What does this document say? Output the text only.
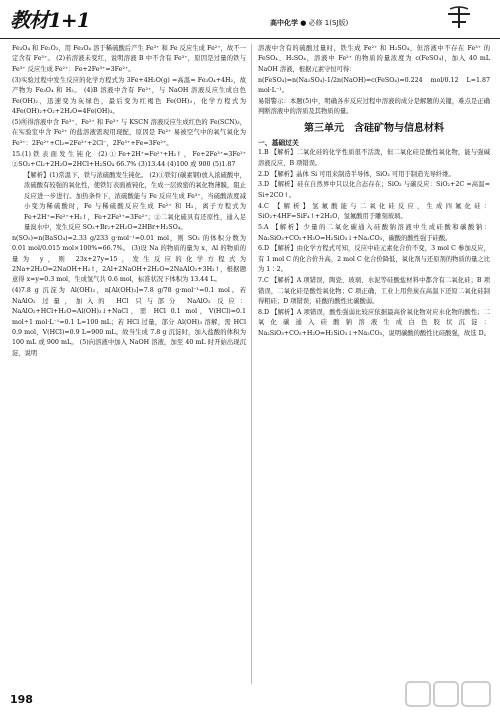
教材1+1	高中化学 ● 必修 1(SJ版)
Fe₃O₄ 和 Fe₂O₃，用 Fe₃O₄ 溶于稀硫酸后产生 Fe³⁺ 和 Fe 反应生成 Fe²⁺，故不一定含有 Fe³⁺。 (2)若溶液未变红，说明溶液 B 中不含有 Fe³⁺，原因是过量的铁与 Fe³⁺ 反应生成 Fe²⁺：Fe+2Fe³⁺=3Fe²⁺。
(3)实验过程中发生反应的化学方程式为 3Fe+4H₂O(g) =高温= Fe₃O₄+4H₂，故产物为 Fe₃O₄ 和 H₂。 (4)B 溶液中含有 Fe²⁺，与 NaOH 溶液反应生成白色 Fe(OH)₂，迅速变为灰绿色，最后变为红褐色 Fe(OH)₃，化学方程式为 4Fe(OH)₂+O₂+2H₂O=4Fe(OH)₃。
(5)所得溶液中含 Fe³⁺、Fe²⁺ 和 Fe³⁺ 与 KSCN 溶液反应生成红色的 Fe(SCN)₃，在实验室中含 Fe²⁺ 的盐溶液需现用现配，原因是 Fe²⁺ 易被空气中的氧气氧化为 Fe³⁺：2Fe²⁺+Cl₂=2Fe³⁺+2Cl⁻，2Fe³⁺+Fe=3Fe²⁺。
15.(1)铁表面发生钝化 (2)①Fe+2H⁺=Fe²⁺+H₂↑，Fe+2Fe³⁺=3Fe²⁺ ②SO₂+Cl₂+2H₂O=2HCl+H₂SO₄ 66.7% (3)13.44 (4)100 或 900 (5)1.87
【解析】(1)常温下，铁与浓硫酸发生钝化。 (2)①铁钉(碳素钢)放入浓硫酸中，浓硫酸有较强的氧化性，使铁钉表面被钝化，生成一层致密的氧化物薄膜，阻止反应进一步进行。加热条件下，浓硫酸能与 Fe 反应生成 Fe³⁺，当硫酸浓度减小变为稀硫酸时，Fe 与稀硫酸反应生成 Fe²⁺ 和 H₂，离子方程式为 Fe+2H⁺=Fe²⁺+H₂↑，Fe+2Fe³⁺=3Fe²⁺；②二氧化硫具有还原性，通入足量溴水中，发生反应 SO₂+Br₂+2H₂O=2HBr+H₂SO₄。
n(SO₂)=n(BaSO₄)=2.33 g/233 g·mol⁻¹=0.01 mol，则 SO₂ 的体积分数为 0.01 mol/0.015 mol×100%=66.7%。 (3)设 Na 的物质的量为 x，Al 的物质的量为 y，则 23x+27y=15，发生反应的化学方程式为 2Na+2H₂O=2NaOH+H₂↑，2Al+2NaOH+2H₂O=2NaAlO₂+3H₂↑，根据题意得 x=y=0.3 mol，生成氢气共 0.6 mol，标准状况下体积为 13.44 L。
(4)7.8 g 沉淀为 Al(OH)₃，n[Al(OH)₃]=7.8 g/78 g·mol⁻¹=0.1 mol。若 NaAlO₂ 过量，加入的 HCl 只与部分 NaAlO₂ 反应：NaAlO₂+HCl+H₂O=Al(OH)₃↓+NaCl，需 HCl 0.1 mol，V(HCl)=0.1 mol÷1 mol·L⁻¹=0.1 L=100 mL；若 HCl 过量，部分 Al(OH)₃ 溶解，需 HCl 0.9 mol，V(HCl)=0.9 L=900 mL。故当生成 7.8 g 沉淀时，加入盐酸的体积为 100 mL 或 900 mL。 (5)向溶液中加入 NaOH 溶液，加至 40 mL 时开始出现沉淀，说明
溶液中含有的硫酸过量时，铁生成 Fe²⁺ 和 H₂SO₄，但溶液中不存在 Fe³⁺ 的 FeSO₄、H₂SO₄，溶液中 Fe²⁺ 的物质的量浓度为 c(FeSO₄)，加入 40 mL NaOH 溶液，根据元素守恒可得：
n(FeSO₄)=n(Na₂SO₄)-1/2n(NaOH)=c(FeSO₄)=0.224 mol/0.12 L≈1.87 mol·L⁻¹。
易错警示：本题(5)中，明确各步反应过程中溶液的成分是解题的关键，难点是正确判断溶液中的溶质及其物质的量。
第三单元　含硅矿物与信息材料
一、基础过关
1.B 【解析】二氧化硅的化学性质很不活泼，但二氧化硅是酸性氧化物，能与强碱溶液反应，B 项错误。
2.D 【解析】晶体 Si 可用来制造半导体，SiO₂ 可用于制造光导纤维。
3.D 【解析】硅在自然界中只以化合态存在；SiO₂ 与碳反应：SiO₂+2C =高温= Si+2CO↑。
4.C 【解析】氢氟酸能与二氧化硅反应，生成四氟化硅：SiO₂+4HF=SiF₄↑+2H₂O，氢氟酸用于雕刻玻璃。
5.A 【解析】少量的二氧化碳通入硅酸钠溶液中生成硅酸和碳酸钠：Na₂SiO₃+CO₂+H₂O=H₂SiO₃↓+Na₂CO₃，碳酸的酸性强于硅酸。
6.D 【解析】由化学方程式可知，反应中硅元素化合价不变，3 mol C 参加反应，有 1 mol C 的化合价升高，2 mol C 化合价降低，氧化剂与还原剂的物质的量之比为 1∶2。
7.C 【解析】A 项错误，陶瓷、玻璃、水泥等硅酸盐材料中都含有二氧化硅；B 项错误，二氧化硅是酸性氧化物；C 项正确，工业上用焦炭在高温下还原二氧化硅制得粗硅；D 项错误，硅酸的酸性比碳酸弱。
8.D 【解析】A 项错误，酸性强弱比较应依据最高价氧化物对应水化物的酸性；二氧化碳通入硅酸钠溶液生成白色胶状沉淀：Na₂SiO₃+CO₂+H₂O=H₂SiO₃↓+Na₂CO₃，说明碳酸的酸性比硅酸强，故选 D。
198
